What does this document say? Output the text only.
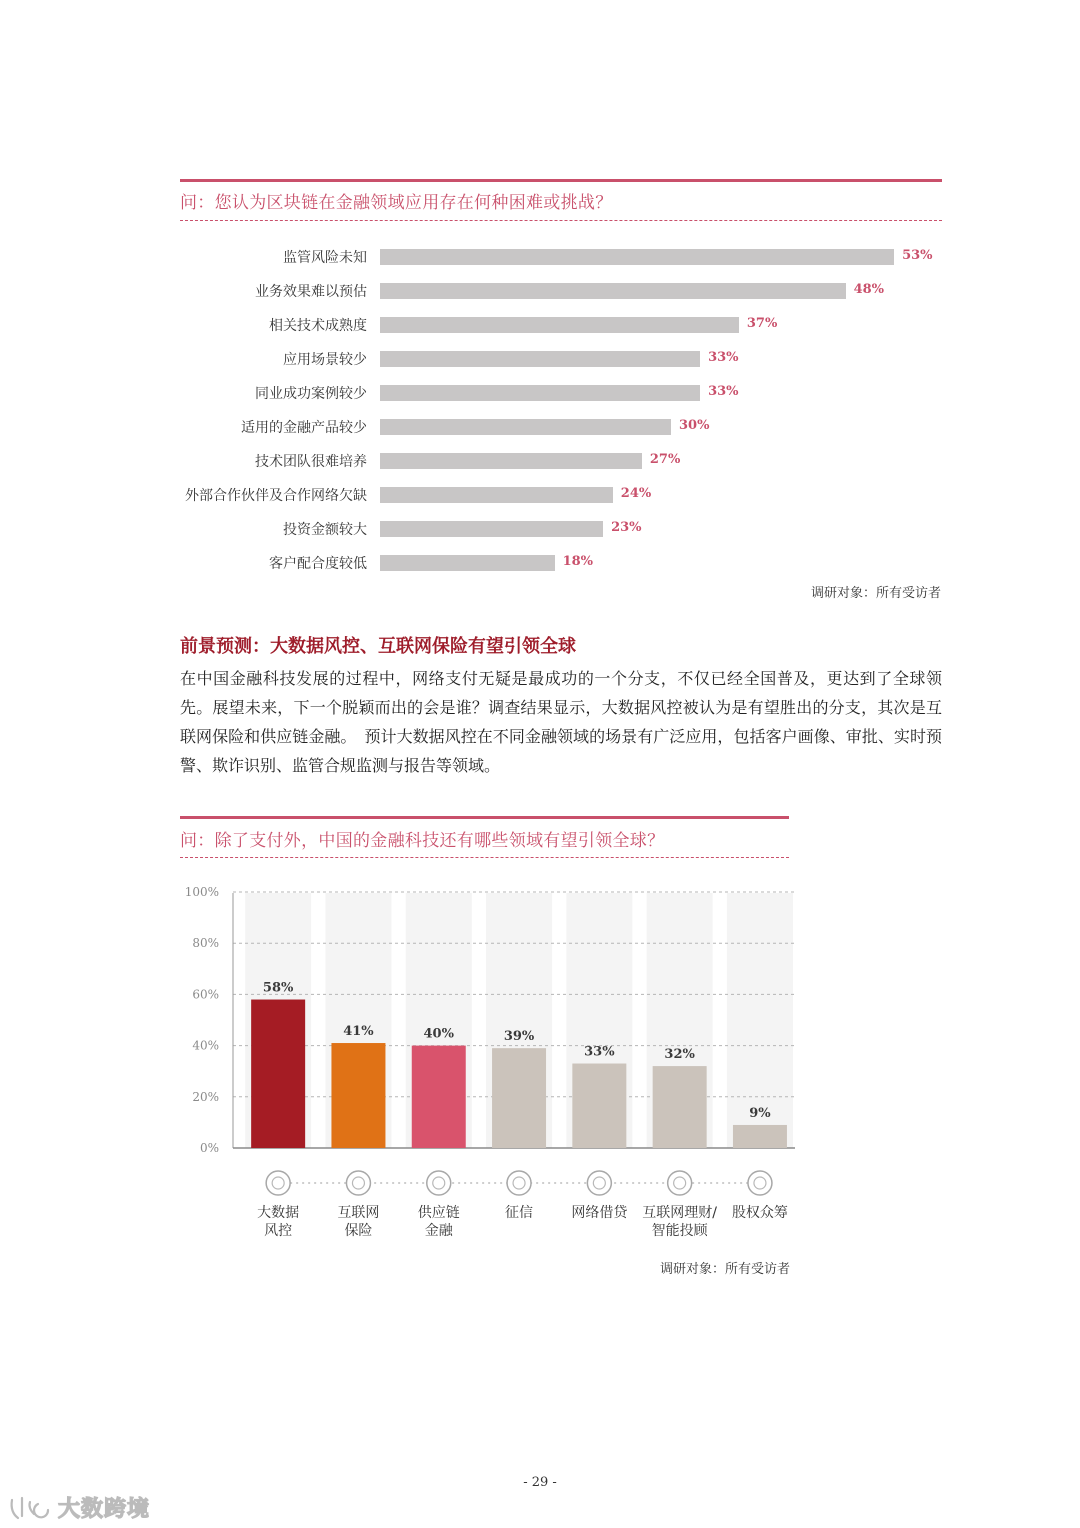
问：您认为区块链在金融领域应用存在何种困难或挑战？
监管风险未知	53%
业务效果难以预估	48%
相关技术成熟度	37%
应用场景较少	33%
同业成功案例较少	33%
适用的金融产品较少	30%
技术团队很难培养	27%
外部合作伙伴及合作网络欠缺	24%
投资金额较大	23%
客户配合度较低	18%
调研对象：所有受访者
前景预测：大数据风控、互联网保险有望引领全球
在中国金融科技发展的过程中，网络支付无疑是最成功的一个分支，不仅已经全国普及，更达到了全球领先。展望未来，下一个脱颖而出的会是谁？调查结果显示，大数据风控被认为是有望胜出的分支，其次是互联网保险和供应链金融。　预计大数据风控在不同金融领域的场景有广泛应用，包括客户画像、审批、实时预警、欺诈识别、监管合规监测与报告等领域。
问：除了支付外，中国的金融科技还有哪些领域有望引领全球？
0%
20%
40%
60%
80%
100%
58%
41%	40%	39%
33%	32%
9%
大数据
风控
互联网
保险
供应链
金融
征信	网络借贷	互联网理财/
智能投顾
股权众筹
调研对象：所有受访者
- 29 -
大数跨境
